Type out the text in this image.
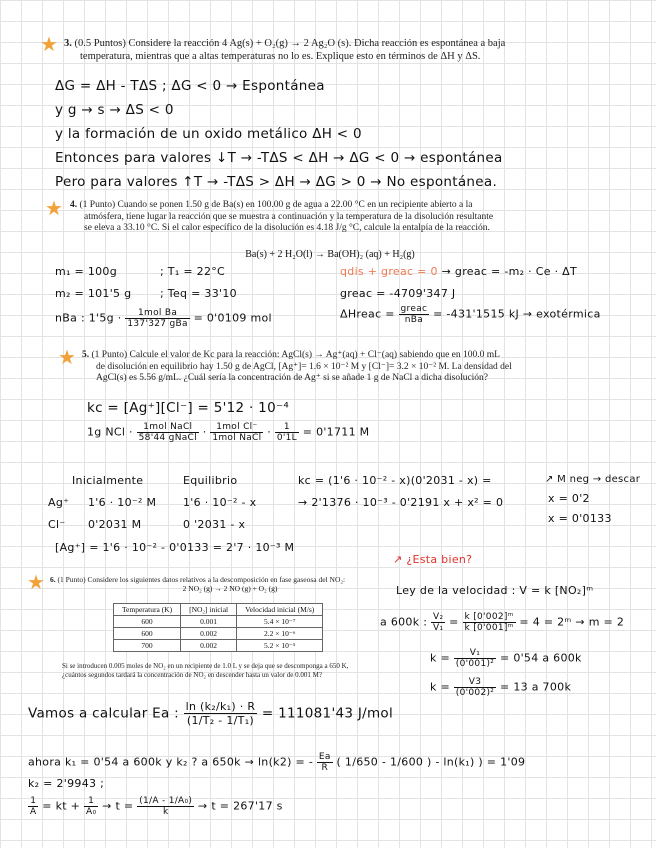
★ 3. (0.5 Puntos) Considere la reacción 4 Ag(s) + O₂(g) → 2 Ag₂O (s). Dicha reacción es espontánea a baja
temperatura, mientras que a altas temperaturas no lo es. Explique esto en términos de ΔH y ΔS.
ΔG = ΔH - TΔS ; ΔG < 0 → Espontánea
y g → s → ΔS < 0
y la formación de un oxido metálico ΔH < 0
Entonces para valores ↓T → -TΔS < ΔH → ΔG < 0 → espontánea
Pero para valores ↑T → -TΔS > ΔH → ΔG > 0 → No espontánea.
★ 4. (1 Punto) Cuando se ponen 1.50 g de Ba(s) en 100.00 g de agua a 22.00 °C en un recipiente abierto a la
atmósfera, tiene lugar la reacción que se muestra a continuación y la temperatura de la disolución resultante
se eleva a 33.10 °C. Si el calor específico de la disolución es 4.18 J/g °C, calcule la entalpía de la reacción.
Ba(s) + 2 H₂O(l) → Ba(OH)₂ (aq) + H₂(g)
m₁ = 100g	; T₁ = 22°C
m₂ = 101'5 g	; Teq = 33'10
nBa : $1'5g \cdot \frac{\text{1mol Ba}}{\text{137'327 gBa}} = 0'0109$ mol
qdis + greac = 0 → greac = -m₂ · Ce · ΔT
greac = -4709'347 J
ΔHreac = $\frac{\text{greac}}{\text{nBa}} = -431'1515$ kJ → exotérmica
★ 5. (1 Punto) Calcule el valor de Kc para la reacción: AgCl(s) → Ag⁺(aq) + Cl⁻(aq) sabiendo que en 100.0 mL
de disolución en equilibrio hay 1.50 g de AgCl, [Ag⁺]= 1.6 × 10⁻² M y [Cl⁻]= 3.2 × 10⁻² M. La densidad del
AgCl(s) es 5.56 g/mL. ¿Cuál sería la concentración de Ag⁺ si se añade 1 g de NaCl a dicha disolución?
kc = [Ag⁺][Cl⁻] = 5'12 · 10⁻⁴
1g NCl · $\frac{\text{1mol NaCl}}{\text{58'44 gNaCl}} \cdot \frac{\text{1mol Cl⁻}}{\text{1mol NaCl}} \cdot \frac{1}{0'1L} = 0'1711$ M
Inicialmente	Equilibrio
Ag⁺ 1'6 · 10⁻² M 1'6 · 10⁻² - x
Cl⁻ 0'2031 M	0 '2031 - x
[Ag⁺] = 1'6 · 10⁻² - 0'0133 = 2'7 · 10⁻³ M
kc = (1'6 · 10⁻² - x)(0'2031 - x) =
→ 2'1376 · 10⁻³ - 0'2191 x + x² = 0
↗ M neg → descar
x = 0'2
x = 0'0133
↗ ¿Esta bien?
★ 6. (1 Punto) Considere los siguientes datos relativos a la descomposición en fase gaseosa del NO₂:
2 NO₂ (g) → 2 NO (g) + O₂ (g)
Temperatura (K)	[NO₂] inicial	Velocidad inicial (M/s)
600	0.001	5.4 × 10⁻⁷
600	0.002	2.2 × 10⁻⁶
700	0.002	5.2 × 10⁻⁵
Si se introducen 0.005 moles de NO₂ en un recipiente de 1.0 L y se deja que se descomponga a 650 K,
¿cuántos segundos tardará la concentración de NO₂ en descender hasta un valor de 0.001 M?
Ley de la velocidad : V = k [NO₂]ᵐ
a 600k : $\frac{\text{V₂}}{\text{V₁}} = \frac{\text{k [0'002]ᵐ}}{\text{k [0'001]ᵐ}} = 4$ = 2ᵐ → m = 2
$k = \frac{\text{V₁}}{\text{(0'001)²}} = 0'54$ a 600k
$k = \frac{V3}{\text{(0'002)²}} = 13$ a 700k
Vamos a calcular Ea : $\frac{\text{ln (k₂/k₁) · R}}{\text{(1/T₂ - 1/T₁)}} = 111081'43$ J/mol
ahora k₁ = 0'54 a 600k y k₂ ? a 650k → ln(k2) = - $\frac{Ea}{R}$ ( 1/650 - 1/600 ) - ln(k₁) ) = 1'09
k₂ = 2'9943 ;
$\frac{1}{A}$ = kt + $\frac{1}{\text{A₀}} \to t = \frac{\text{(1/A - 1/A₀)}}{k} \to t = 267'17$ s
